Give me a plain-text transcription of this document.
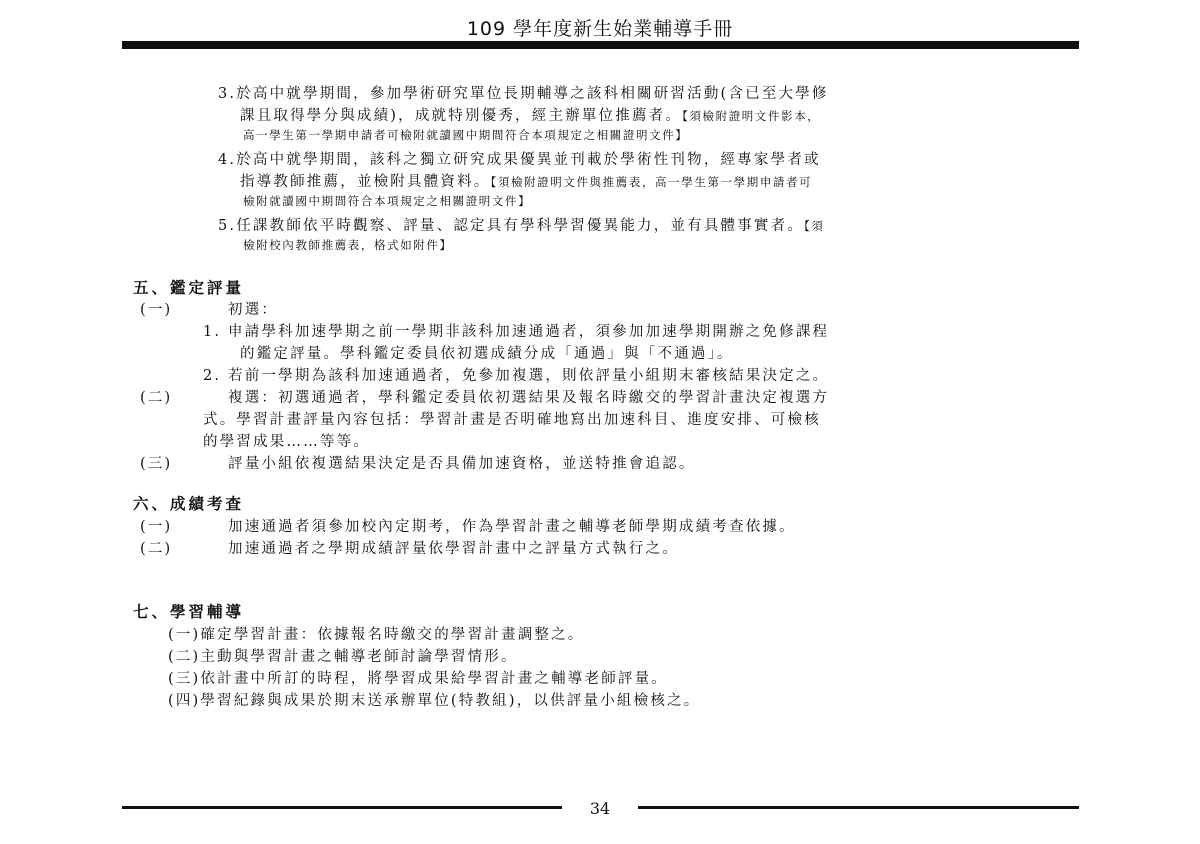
109 學年度新生始業輔導手冊
3.於高中就學期間，參加學術研究單位長期輔導之該科相關研習活動(含已至大學修
課且取得學分與成績)，成就特別優秀，經主辦單位推薦者。【須檢附證明文件影本，
高一學生第一學期申請者可檢附就讀國中期間符合本項規定之相關證明文件】
4.於高中就學期間，該科之獨立研究成果優異並刊載於學術性刊物，經專家學者或
指導教師推薦，並檢附具體資料。【須檢附證明文件與推薦表，高一學生第一學期申請者可
檢附就讀國中期間符合本項規定之相關證明文件】
5.任課教師依平時觀察、評量、認定具有學科學習優異能力，並有具體事實者。【須
檢附校內教師推薦表，格式如附件】
五、鑑定評量
(一)	初選：
1. 申請學科加速學期之前一學期非該科加速通過者，須參加加速學期開辦之免修課程
的鑑定評量。學科鑑定委員依初選成績分成「通過」與「不通過」。
2. 若前一學期為該科加速通過者，免參加複選，則依評量小組期末審核結果決定之。
(二)	複選：初選通過者，學科鑑定委員依初選結果及報名時繳交的學習計畫決定複選方
式。學習計畫評量內容包括：學習計畫是否明確地寫出加速科目、進度安排、可檢核
的學習成果……等等。
(三)	評量小組依複選結果決定是否具備加速資格，並送特推會追認。
六、成績考查
(一)	加速通過者須參加校內定期考，作為學習計畫之輔導老師學期成績考查依據。
(二)	加速通過者之學期成績評量依學習計畫中之評量方式執行之。
七、學習輔導
(一)確定學習計畫：依據報名時繳交的學習計畫調整之。
(二)主動與學習計畫之輔導老師討論學習情形。
(三)依計畫中所訂的時程，將學習成果給學習計畫之輔導老師評量。
(四)學習紀錄與成果於期末送承辦單位(特教組)，以供評量小組檢核之。
34
